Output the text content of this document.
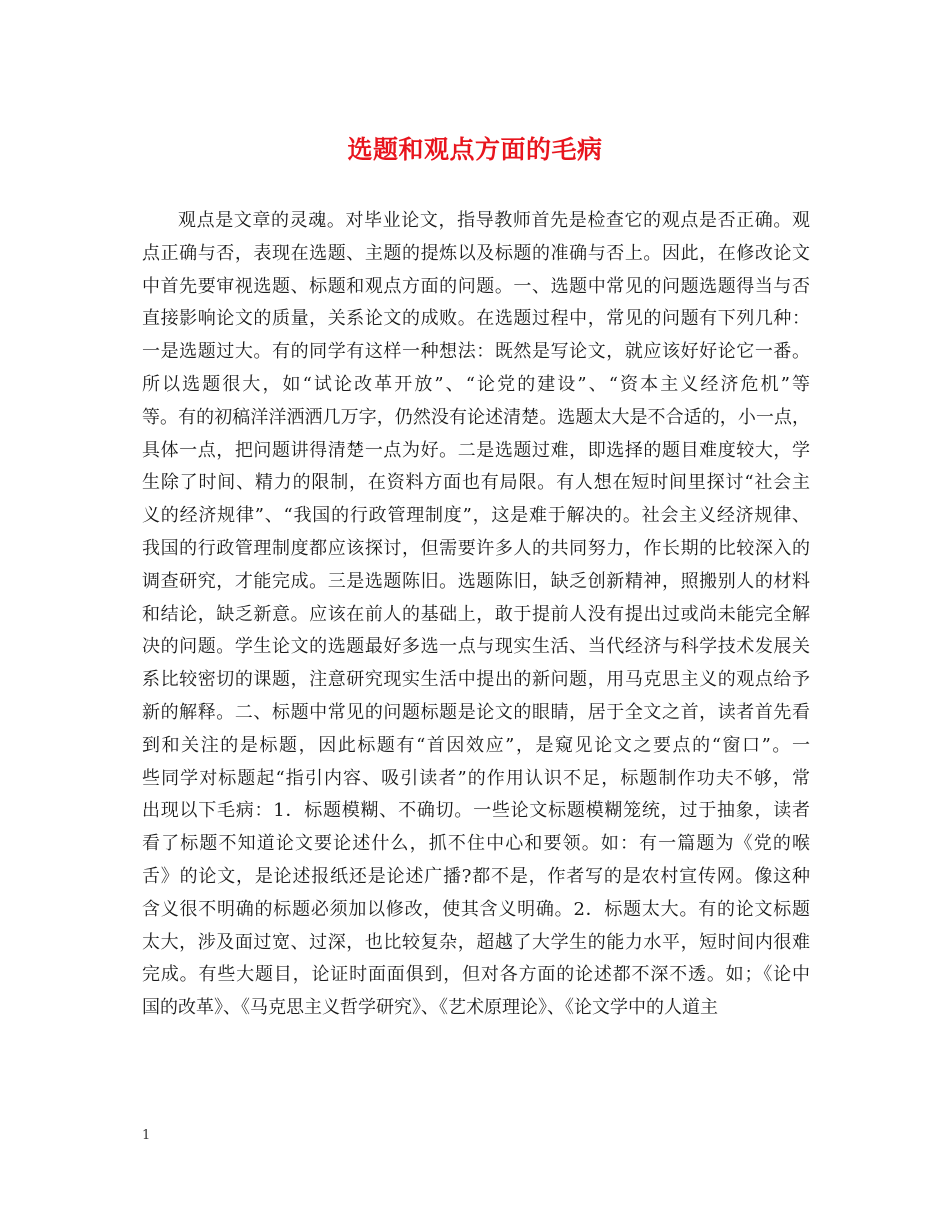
选题和观点方面的毛病
观点是文章的灵魂。对毕业论文，指导教师首先是检查它的观点是否正确。观
点正确与否，表现在选题、主题的提炼以及标题的准确与否上。因此，在修改论文
中首先要审视选题、标题和观点方面的问题。一、选题中常见的问题选题得当与否
直接影响论文的质量，关系论文的成败。在选题过程中，常见的问题有下列几种：
一是选题过大。有的同学有这样一种想法：既然是写论文，就应该好好论它一番。
所以选题很大，如“试论改革开放”、“论党的建设”、“资本主义经济危机”等
等。有的初稿洋洋洒洒几万字，仍然没有论述清楚。选题太大是不合适的，小一点，
具体一点，把问题讲得清楚一点为好。二是选题过难，即选择的题目难度较大，学
生除了时间、精力的限制，在资料方面也有局限。有人想在短时间里探讨“社会主
义的经济规律”、“我国的行政管理制度”，这是难于解决的。社会主义经济规律、
我国的行政管理制度都应该探讨，但需要许多人的共同努力，作长期的比较深入的
调查研究，才能完成。三是选题陈旧。选题陈旧，缺乏创新精神，照搬别人的材料
和结论，缺乏新意。应该在前人的基础上，敢于提前人没有提出过或尚未能完全解
决的问题。学生论文的选题最好多选一点与现实生活、当代经济与科学技术发展关
系比较密切的课题，注意研究现实生活中提出的新问题，用马克思主义的观点给予
新的解释。二、标题中常见的问题标题是论文的眼睛，居于全文之首，读者首先看
到和关注的是标题，因此标题有“首因效应”，是窥见论文之要点的“窗口”。一
些同学对标题起“指引内容、吸引读者”的作用认识不足，标题制作功夫不够，常
出现以下毛病：1．标题模糊、不确切。一些论文标题模糊笼统，过于抽象，读者
看了标题不知道论文要论述什么，抓不住中心和要领。如：有一篇题为《党的喉
舌》的论文，是论述报纸还是论述广播?都不是，作者写的是农村宣传网。像这种
含义很不明确的标题必须加以修改，使其含义明确。2．标题太大。有的论文标题
太大，涉及面过宽、过深，也比较复杂，超越了大学生的能力水平，短时间内很难
完成。有些大题目，论证时面面俱到，但对各方面的论述都不深不透。如；《论中
国的改革》、《马克思主义哲学研究》、《艺术原理论》、《论文学中的人道主
1
